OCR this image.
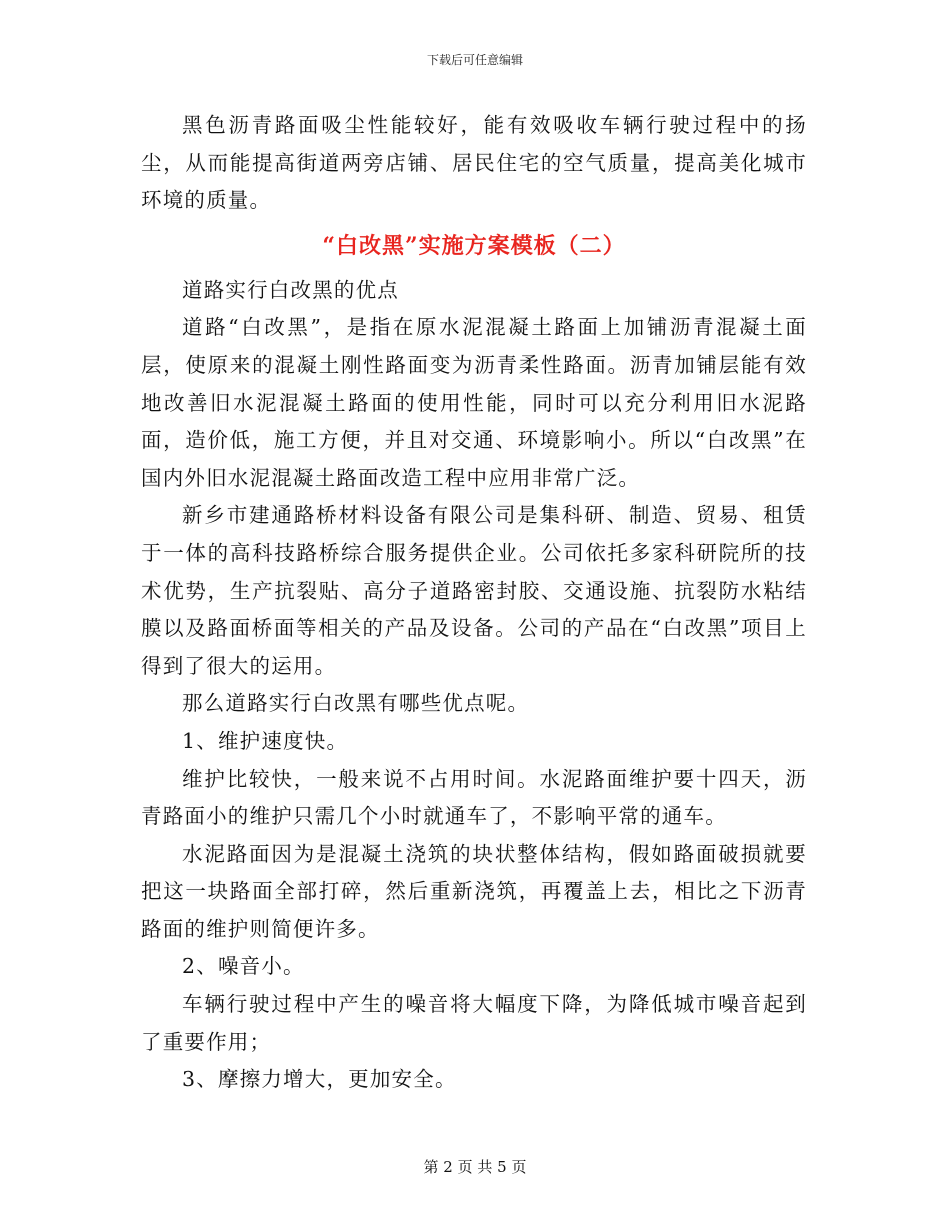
下载后可任意编辑

黑色沥青路面吸尘性能较好，能有效吸收车辆行驶过程中的扬尘，从而能提高街道两旁店铺、居民住宅的空气质量，提高美化城市环境的质量。

“白改黑”实施方案模板（二）

道路实行白改黑的优点

道路“白改黑”，是指在原水泥混凝土路面上加铺沥青混凝土面层，使原来的混凝土刚性路面变为沥青柔性路面。沥青加铺层能有效地改善旧水泥混凝土路面的使用性能，同时可以充分利用旧水泥路面，造价低，施工方便，并且对交通、环境影响小。所以“白改黑”在国内外旧水泥混凝土路面改造工程中应用非常广泛。

新乡市建通路桥材料设备有限公司是集科研、制造、贸易、租赁于一体的高科技路桥综合服务提供企业。公司依托多家科研院所的技术优势，生产抗裂贴、高分子道路密封胶、交通设施、抗裂防水粘结膜以及路面桥面等相关的产品及设备。公司的产品在“白改黑”项目上得到了很大的运用。

那么道路实行白改黑有哪些优点呢。

1、维护速度快。

维护比较快，一般来说不占用时间。水泥路面维护要十四天，沥青路面小的维护只需几个小时就通车了，不影响平常的通车。

水泥路面因为是混凝土浇筑的块状整体结构，假如路面破损就要把这一块路面全部打碎，然后重新浇筑，再覆盖上去，相比之下沥青路面的维护则简便许多。

2、噪音小。

车辆行驶过程中产生的噪音将大幅度下降，为降低城市噪音起到了重要作用；

3、摩擦力增大，更加安全。

第 2 页 共 5 页
